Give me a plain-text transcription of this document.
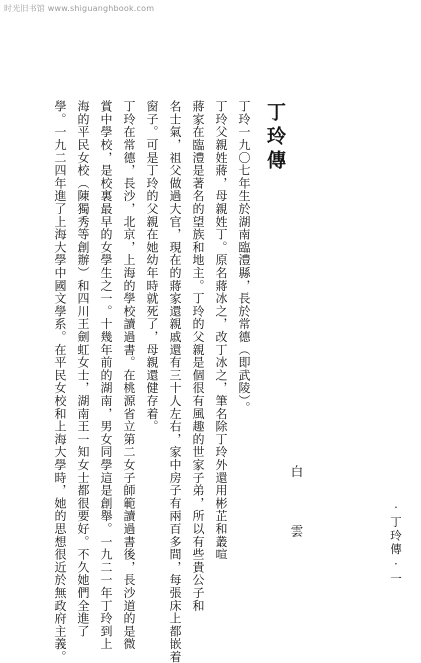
时光旧书馆 www.shiguanghbook.com
丁玲傳
白 雲
丁玲一九〇七年生於湖南臨澧縣，長於常德（即武陵）。
丁玲父親姓蔣，母親姓丁。原名蔣冰之，改丁冰之，筆名除丁玲外還用彬芷和叢喧
蔣家在臨澧是著名的望族和地主。丁玲的父親是個很有風趣的世家子弟，所以有些貴公子和
名士氣，祖父做過大官，現在的蔣家還親戚還有三十人左右，家中房子有兩百多間，每張床上都嵌着
窗子。可是丁玲的父親在她幼年時就死了，母親還健存着。
丁玲在常德，長沙，北京，上海的學校讀過書。在桃源省立第二女子師範讀過書後，長沙道的是微
賞中學校，是校裏最早的女學生之一。十幾年前的湖南，男女同學這是創舉。一九二一年丁玲到上
海的平民女校（陳獨秀等創辦）和四川王劍虹女士，湖南王一知女士都很要好。不久她們全進了
學。一九二四年進了上海大學中國文學系。在平民女校和上海大學時，她的思想很近於無政府主義。	·丁玲傳·一
